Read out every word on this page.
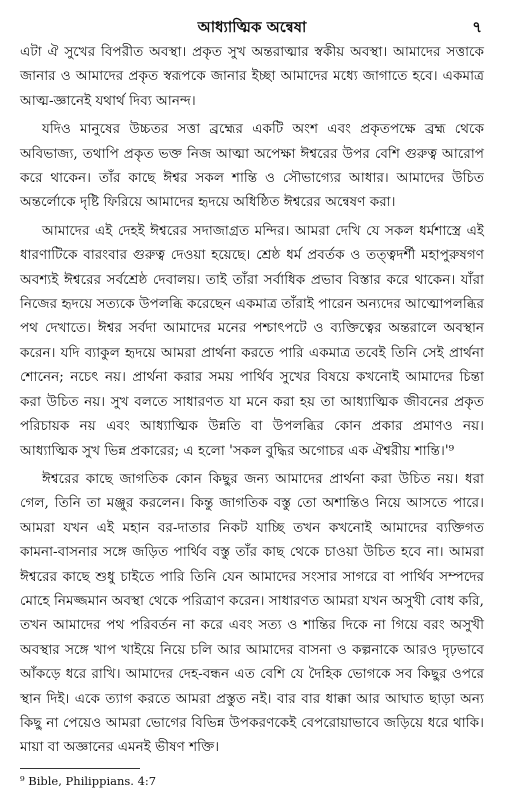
আধ্যাত্মিক অন্বেষা	৭

এটা ঐ সুখের বিপরীত অবস্থা। প্রকৃত সুখ অন্তরাত্মার স্বকীয় অবস্থা। আমাদের সত্তাকে জানার ও আমাদের প্রকৃত স্বরূপকে জানার ইচ্ছা আমাদের মধ্যে জাগাতে হবে। একমাত্র আত্ম-জ্ঞানেই যথার্থ দিব্য আনন্দ।

যদিও মানুষের উচ্চতর সত্তা ব্রহ্মের একটি অংশ এবং প্রকৃতপক্ষে ব্রহ্ম থেকে অবিভাজ্য, তথাপি প্রকৃত ভক্ত নিজ আত্মা অপেক্ষা ঈশ্বরের উপর বেশি গুরুত্ব আরোপ করে থাকেন। তাঁর কাছে ঈশ্বর সকল শান্তি ও সৌভাগ্যের আধার। আমাদের উচিত অন্তর্লোকে দৃষ্টি ফিরিয়ে আমাদের হৃদয়ে অধিষ্ঠিত ঈশ্বরের অন্বেষণ করা।

আমাদের এই দেহই ঈশ্বরের সদাজাগ্রত মন্দির। আমরা দেখি যে সকল ধর্মশাস্ত্রে এই ধারণাটিকে বারংবার গুরুত্ব দেওয়া হয়েছে। শ্রেষ্ঠ ধর্ম প্রবর্তক ও তত্ত্বদর্শী মহাপুরুষগণ অবশ্যই ঈশ্বরের সর্বশ্রেষ্ঠ দেবালয়। তাই তাঁরা সর্বাধিক প্রভাব বিস্তার করে থাকেন। যাঁরা নিজের হৃদয়ে সত্যকে উপলব্ধি করেছেন একমাত্র তাঁরাই পারেন অন্যদের আত্মোপলব্ধির পথ দেখাতে। ঈশ্বর সর্বদা আমাদের মনের পশ্চাৎপটে ও ব্যক্তিত্বের অন্তরালে অবস্থান করেন। যদি ব্যাকুল হৃদয়ে আমরা প্রার্থনা করতে পারি একমাত্র তবেই তিনি সেই প্রার্থনা শোনেন; নচেৎ নয়। প্রার্থনা করার সময় পার্থিব সুখের বিষয়ে কখনোই আমাদের চিন্তা করা উচিত নয়। সুখ বলতে সাধারণত যা মনে করা হয় তা আধ্যাত্মিক জীবনের প্রকৃত পরিচায়ক নয় এবং আধ্যাত্মিক উন্নতি বা উপলব্ধির কোন প্রকার প্রমাণও নয়। আধ্যাত্মিক সুখ ভিন্ন প্রকারের; এ হলো 'সকল বুদ্ধির অগোচর এক ঐশ্বরীয় শান্তি।'⁹

ঈশ্বরের কাছে জাগতিক কোন কিছুর জন্য আমাদের প্রার্থনা করা উচিত নয়। ধরা গেল, তিনি তা মঞ্জুর করলেন। কিন্তু জাগতিক বস্তু তো অশান্তিও নিয়ে আসতে পারে। আমরা যখন এই মহান বর-দাতার নিকট যাচ্ছি তখন কখনোই আমাদের ব্যক্তিগত কামনা-বাসনার সঙ্গে জড়িত পার্থিব বস্তু তাঁর কাছ থেকে চাওয়া উচিত হবে না। আমরা ঈশ্বরের কাছে শুধু চাইতে পারি তিনি যেন আমাদের সংসার সাগরে বা পার্থিব সম্পদের মোহে নিমজ্জমান অবস্থা থেকে পরিত্রাণ করেন। সাধারণত আমরা যখন অসুখী বোধ করি, তখন আমাদের পথ পরিবর্তন না করে এবং সত্য ও শান্তির দিকে না গিয়ে বরং অসুখী অবস্থার সঙ্গে খাপ খাইয়ে নিয়ে চলি আর আমাদের বাসনা ও কল্পনাকে আরও দৃঢ়ভাবে আঁকড়ে ধরে রাখি। আমাদের দেহ-বন্ধন এত বেশি যে দৈহিক ভোগকে সব কিছুর ওপরে স্থান দিই। একে ত্যাগ করতে আমরা প্রস্তুত নই। বার বার ধাক্কা আর আঘাত ছাড়া অন্য কিছু না পেয়েও আমরা ভোগের বিভিন্ন উপকরণকেই বেপরোয়াভাবে জড়িয়ে ধরে থাকি। মায়া বা অজ্ঞানের এমনই ভীষণ শক্তি।

⁹ Bible, Philippians. 4:7
